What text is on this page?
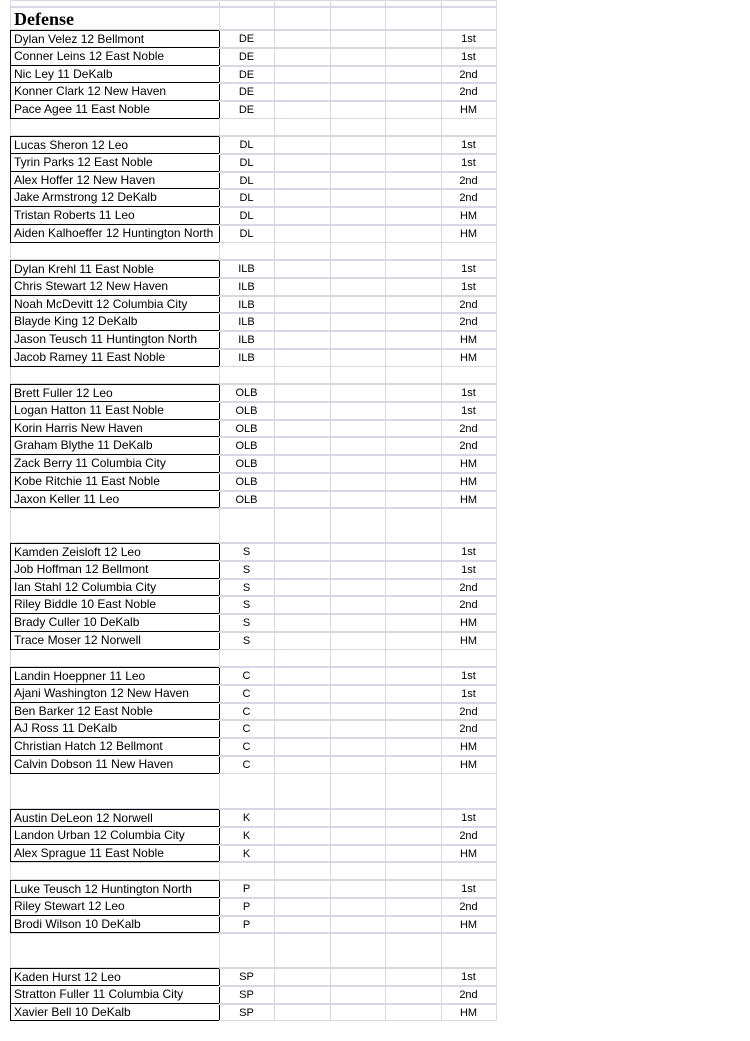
Defense
Dylan Velez 12 Bellmont	DE	1st
Conner Leins 12 East Noble	DE	1st
Nic Ley 11 DeKalb	DE	2nd
Konner Clark 12 New Haven	DE	2nd
Pace Agee 11 East Noble	DE	HM
Lucas Sheron 12 Leo	DL	1st
Tyrin Parks 12 East Noble	DL	1st
Alex Hoffer 12 New Haven	DL	2nd
Jake Armstrong 12 DeKalb	DL	2nd
Tristan Roberts 11 Leo	DL	HM
Aiden Kalhoeffer 12 Huntington North	DL	HM
Dylan Krehl 11 East Noble	ILB	1st
Chris Stewart 12 New Haven	ILB	1st
Noah McDevitt 12 Columbia City	ILB	2nd
Blayde King 12 DeKalb	ILB	2nd
Jason Teusch 11 Huntington North	ILB	HM
Jacob Ramey 11 East Noble	ILB	HM
Brett Fuller 12 Leo	OLB	1st
Logan Hatton 11 East Noble	OLB	1st
Korin Harris New Haven	OLB	2nd
Graham Blythe 11 DeKalb	OLB	2nd
Zack Berry 11 Columbia City	OLB	HM
Kobe Ritchie 11 East Noble	OLB	HM
Jaxon Keller 11 Leo	OLB	HM
Kamden Zeisloft 12 Leo	S	1st
Job Hoffman 12 Bellmont	S	1st
Ian Stahl 12 Columbia City	S	2nd
Riley Biddle 10 East Noble	S	2nd
Brady Culler 10 DeKalb	S	HM
Trace Moser 12 Norwell	S	HM
Landin Hoeppner 11 Leo	C	1st
Ajani Washington 12 New Haven	C	1st
Ben Barker 12 East Noble	C	2nd
AJ Ross 11 DeKalb	C	2nd
Christian Hatch 12 Bellmont	C	HM
Calvin Dobson 11 New Haven	C	HM
Austin DeLeon 12 Norwell	K	1st
Landon Urban 12 Columbia City	K	2nd
Alex Sprague 11 East Noble	K	HM
Luke Teusch 12 Huntington North	P	1st
Riley Stewart 12 Leo	P	2nd
Brodi Wilson 10 DeKalb	P	HM
Kaden Hurst 12 Leo	SP	1st
Stratton Fuller 11 Columbia City	SP	2nd
Xavier Bell 10 DeKalb	SP	HM
